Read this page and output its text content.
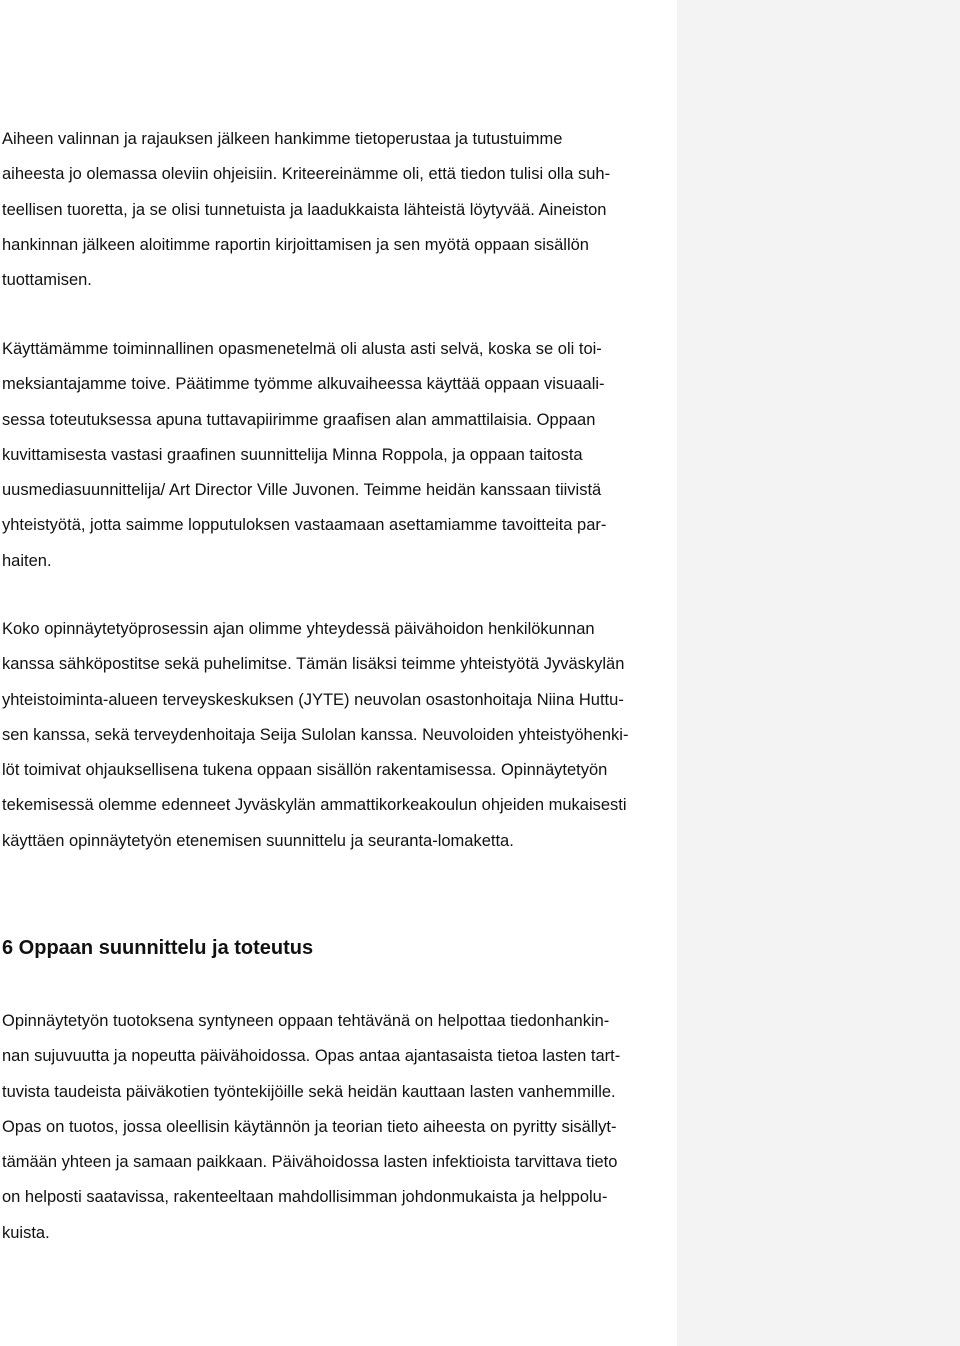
Aiheen valinnan ja rajauksen jälkeen hankimme tietoperustaa ja tutustuimme
aiheesta jo olemassa oleviin ohjeisiin. Kriteereinämme oli, että tiedon tulisi olla suh-
teellisen tuoretta, ja se olisi tunnetuista ja laadukkaista lähteistä löytyvää. Aineiston
hankinnan jälkeen aloitimme raportin kirjoittamisen ja sen myötä oppaan sisällön
tuottamisen.
Käyttämämme toiminnallinen opasmenetelmä oli alusta asti selvä, koska se oli toi-
meksiantajamme toive. Päätimme työmme alkuvaiheessa käyttää oppaan visuaali-
sessa toteutuksessa apuna tuttavapiirimme graafisen alan ammattilaisia. Oppaan
kuvittamisesta vastasi graafinen suunnittelija Minna Roppola, ja oppaan taitosta
uusmediasuunnittelija/ Art Director Ville Juvonen. Teimme heidän kanssaan tiivistä
yhteistyötä, jotta saimme lopputuloksen vastaamaan asettamiamme tavoitteita par-
haiten.
Koko opinnäytetyöprosessin ajan olimme yhteydessä päivähoidon henkilökunnan
kanssa sähköpostitse sekä puhelimitse. Tämän lisäksi teimme yhteistyötä Jyväskylän
yhteistoiminta-alueen terveyskeskuksen (JYTE) neuvolan osastonhoitaja Niina Huttu-
sen kanssa, sekä terveydenhoitaja Seija Sulolan kanssa. Neuvoloiden yhteistyöhenki-
löt toimivat ohjauksellisena tukena oppaan sisällön rakentamisessa. Opinnäytetyön
tekemisessä olemme edenneet Jyväskylän ammattikorkeakoulun ohjeiden mukaisesti
käyttäen opinnäytetyön etenemisen suunnittelu ja seuranta-lomaketta.
6 Oppaan suunnittelu ja toteutus
Opinnäytetyön tuotoksena syntyneen oppaan tehtävänä on helpottaa tiedonhankin-
nan sujuvuutta ja nopeutta päivähoidossa. Opas antaa ajantasaista tietoa lasten tart-
tuvista taudeista päiväkotien työntekijöille sekä heidän kauttaan lasten vanhemmille.
Opas on tuotos, jossa oleellisin käytännön ja teorian tieto aiheesta on pyritty sisällyt-
tämään yhteen ja samaan paikkaan. Päivähoidossa lasten infektioista tarvittava tieto
on helposti saatavissa, rakenteeltaan mahdollisimman johdonmukaista ja helppolu-
kuista.
